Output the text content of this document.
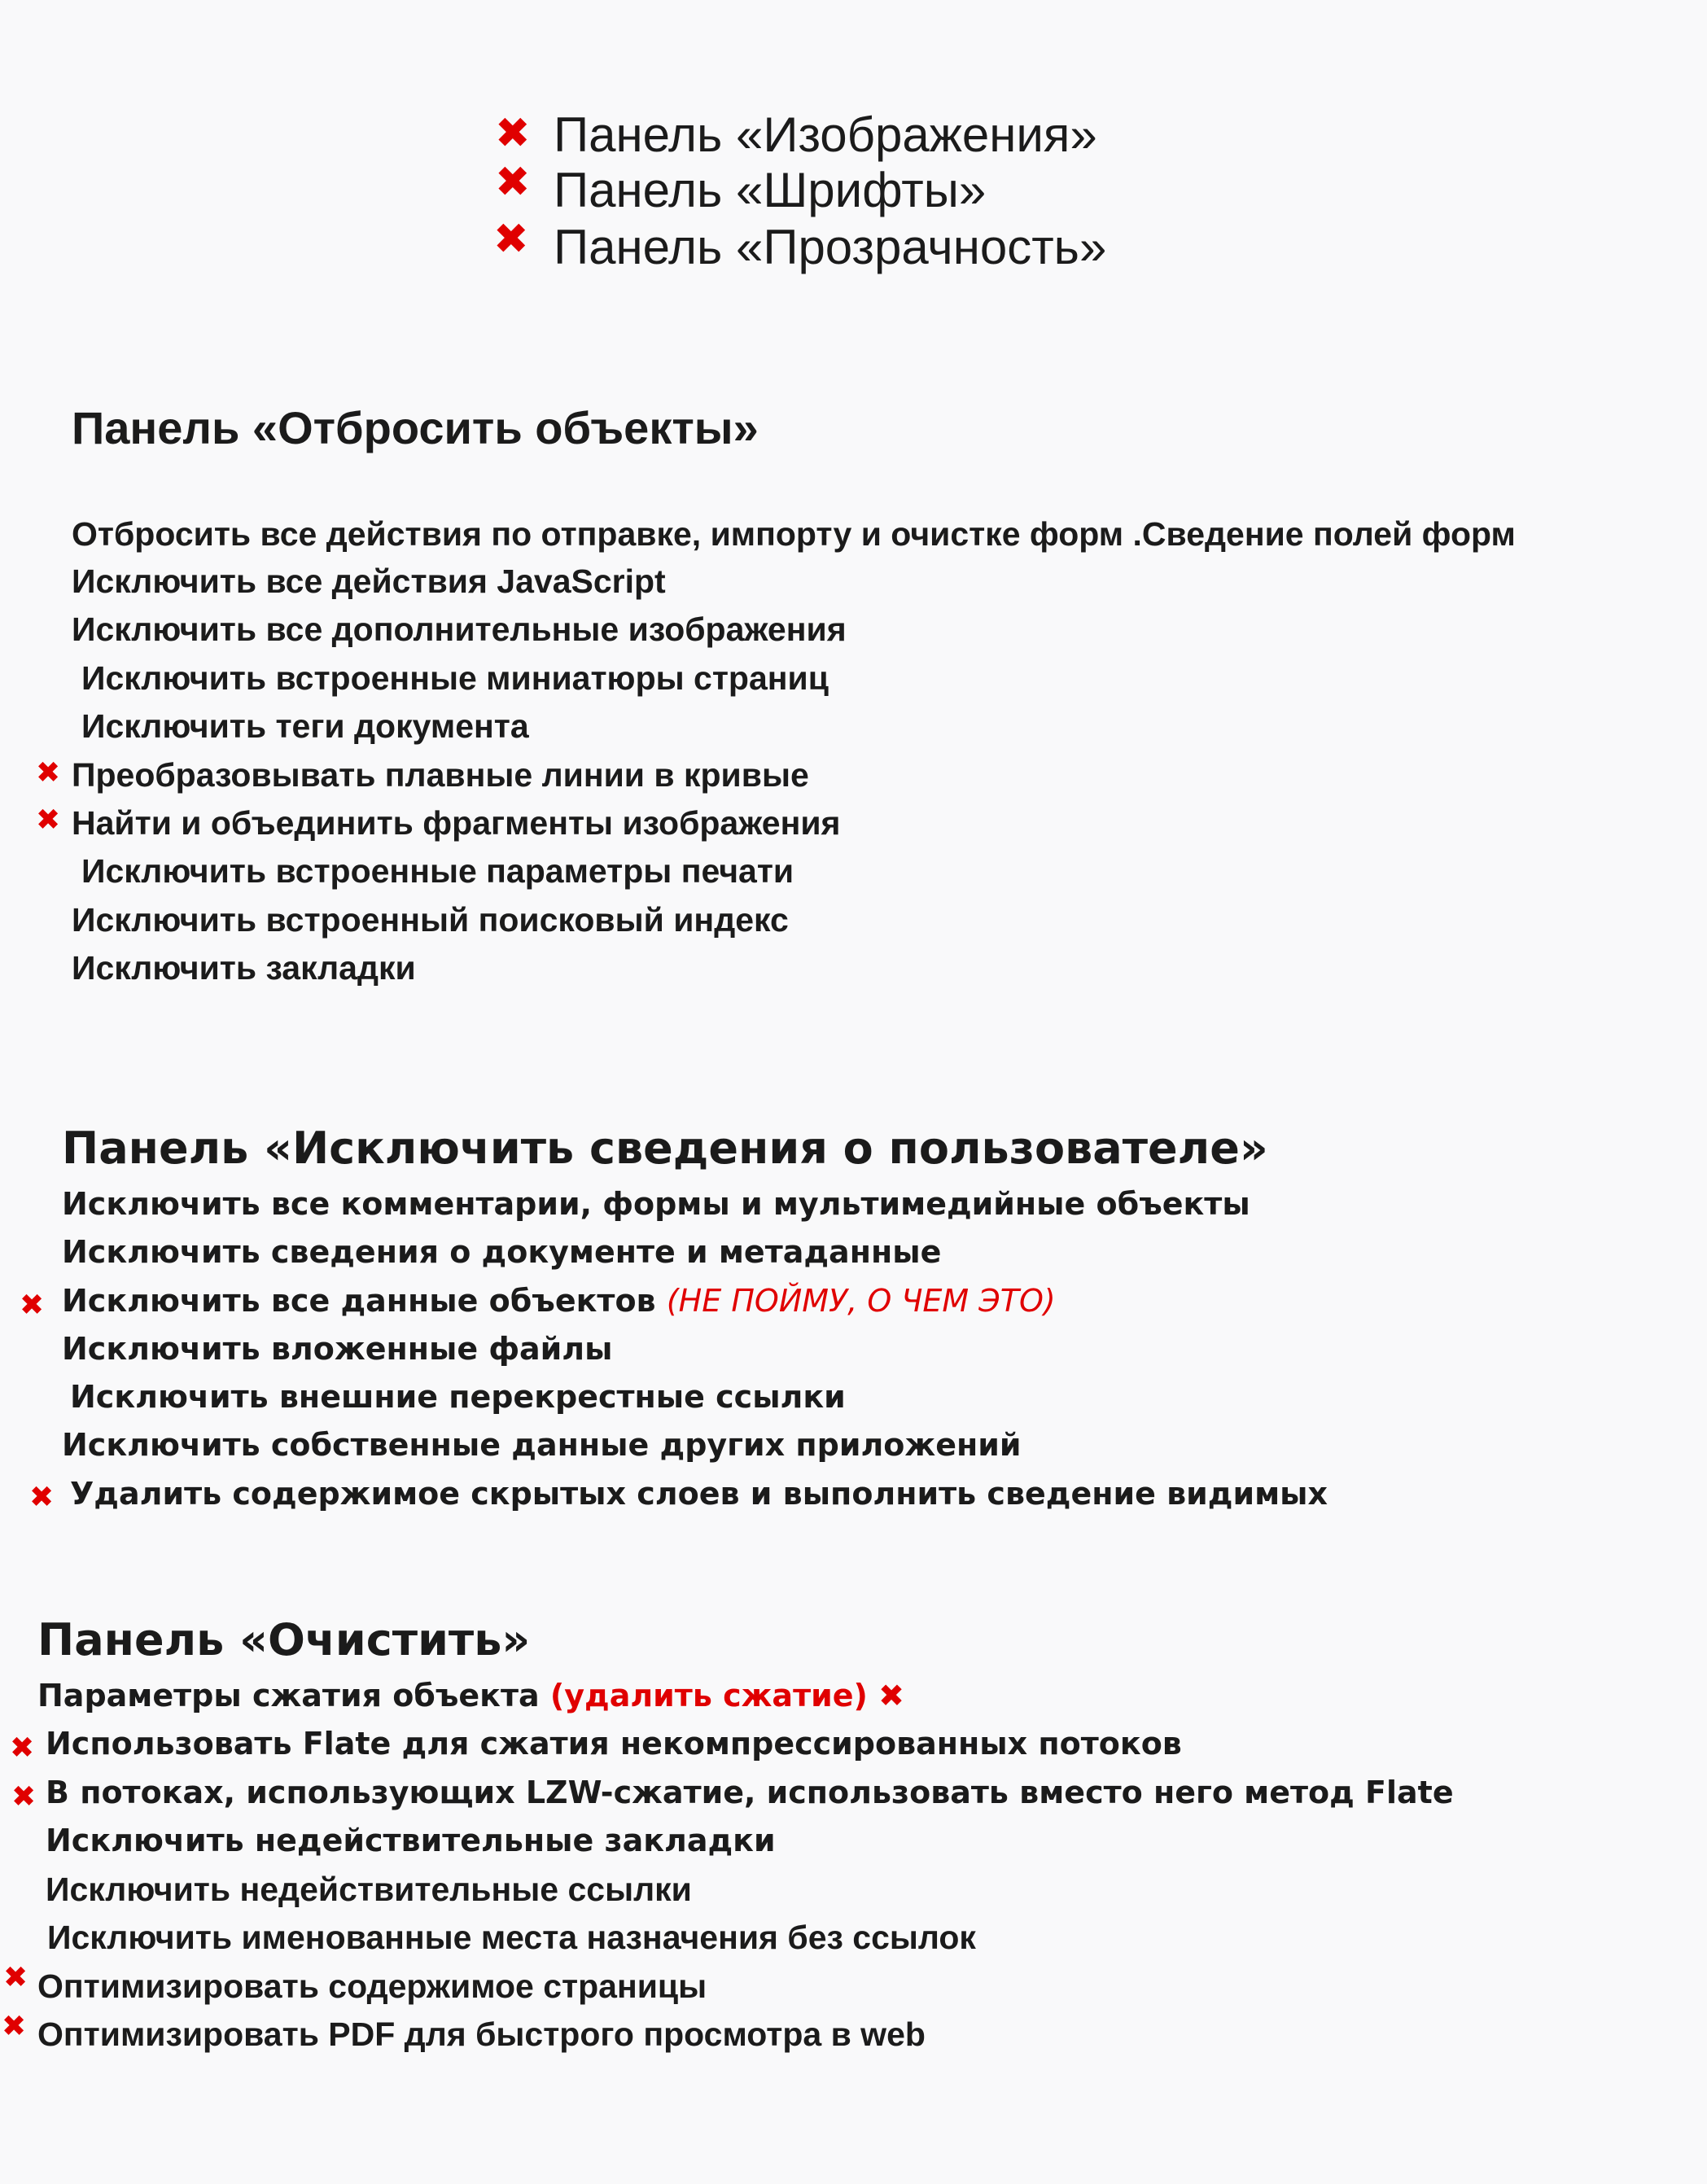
✖ Панель «Изображения»
✖ Панель «Шрифты»
✖ Панель «Прозрачность»
Панель «Отбросить объекты»
Отбросить все действия по отправке, импорту и очистке форм .Сведение полей форм
Исключить все действия JavaScript
Исключить все дополнительные изображения
Исключить встроенные миниатюры страниц
Исключить теги документа
✖ Преобразовывать плавные линии в кривые
✖ Найти и объединить фрагменты изображения
Исключить встроенные параметры печати
Исключить встроенный поисковый индекс
Исключить закладки
Панель «Исключить сведения о пользователе»
Исключить все комментарии, формы и мультимедийные объекты
Исключить сведения о документе и метаданные
✖ Исключить все данные объектов (НЕ ПОЙМУ, О ЧЕМ ЭТО)
Исключить вложенные файлы
Исключить внешние перекрестные ссылки
Исключить собственные данные других приложений
✖ Удалить содержимое скрытых слоев и выполнить сведение видимых
Панель «Очистить»
Параметры сжатия объекта (удалить сжатие) ✖
✖ Использовать Flate для сжатия некомпрессированных потоков
✖ В потоках, использующих LZW-сжатие, использовать вместо него метод Flate
Исключить недействительные закладки
Исключить недействительные ссылки
Исключить именованные места назначения без ссылок
✖ Оптимизировать содержимое страницы
✖ Оптимизировать PDF для быстрого просмотра в web
